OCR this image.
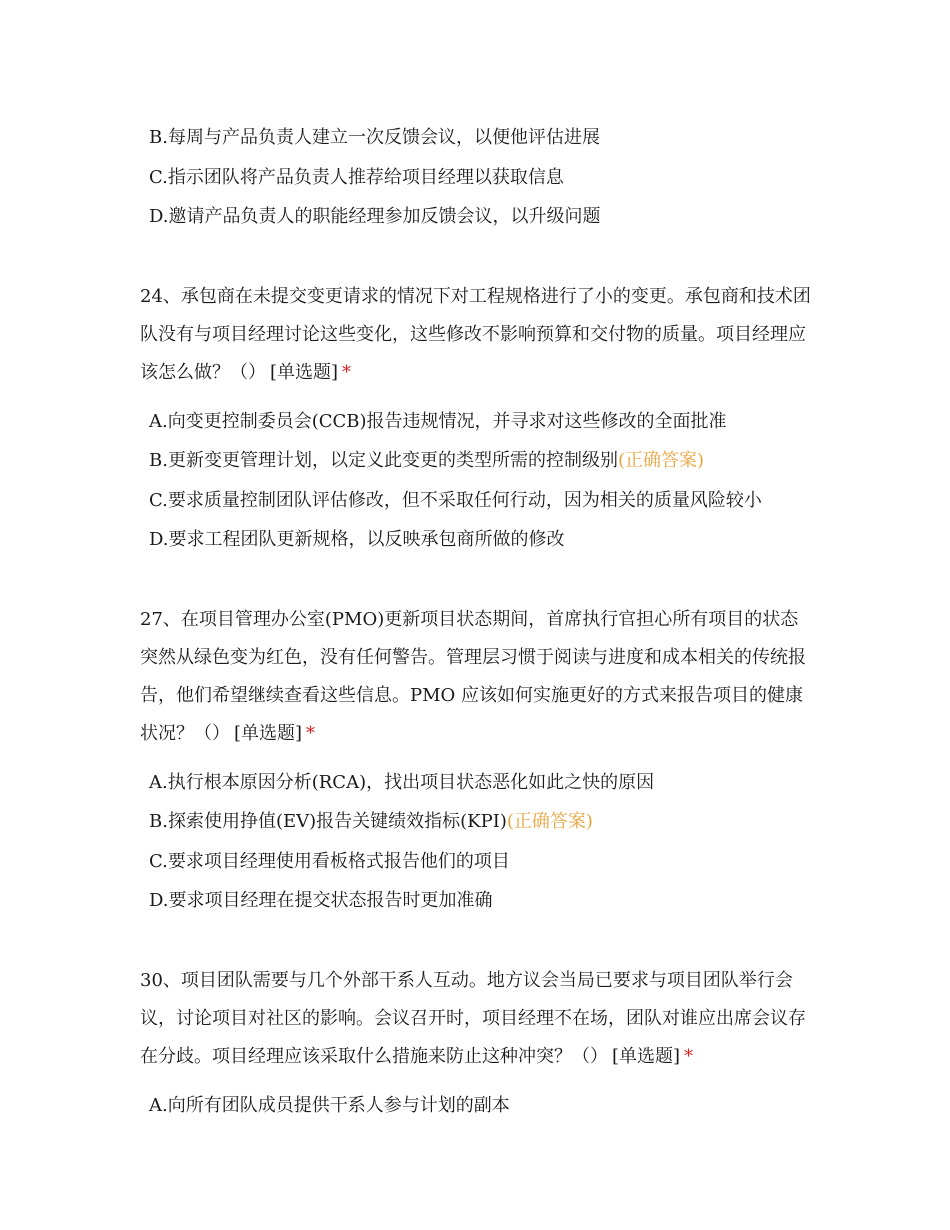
B.每周与产品负责人建立一次反馈会议，以便他评估进展
C.指示团队将产品负责人推荐给项目经理以获取信息
D.邀请产品负责人的职能经理参加反馈会议，以升级问题

24、承包商在未提交变更请求的情况下对工程规格进行了小的变更。承包商和技术团队没有与项目经理讨论这些变化，这些修改不影响预算和交付物的质量。项目经理应该怎么做？（） [单选题] *

A.向变更控制委员会(CCB)报告违规情况，并寻求对这些修改的全面批准
B.更新变更管理计划，以定义此变更的类型所需的控制级别(正确答案)
C.要求质量控制团队评估修改，但不采取任何行动，因为相关的质量风险较小
D.要求工程团队更新规格，以反映承包商所做的修改

27、在项目管理办公室(PMO)更新项目状态期间，首席执行官担心所有项目的状态突然从绿色变为红色，没有任何警告。管理层习惯于阅读与进度和成本相关的传统报告，他们希望继续查看这些信息。PMO 应该如何实施更好的方式来报告项目的健康状况？（） [单选题] *

A.执行根本原因分析(RCA)，找出项目状态恶化如此之快的原因
B.探索使用挣值(EV)报告关键绩效指标(KPI)(正确答案)
C.要求项目经理使用看板格式报告他们的项目
D.要求项目经理在提交状态报告时更加准确

30、项目团队需要与几个外部干系人互动。地方议会当局已要求与项目团队举行会议，讨论项目对社区的影响。会议召开时，项目经理不在场，团队对谁应出席会议存在分歧。项目经理应该采取什么措施来防止这种冲突？（） [单选题] *

A.向所有团队成员提供干系人参与计划的副本
